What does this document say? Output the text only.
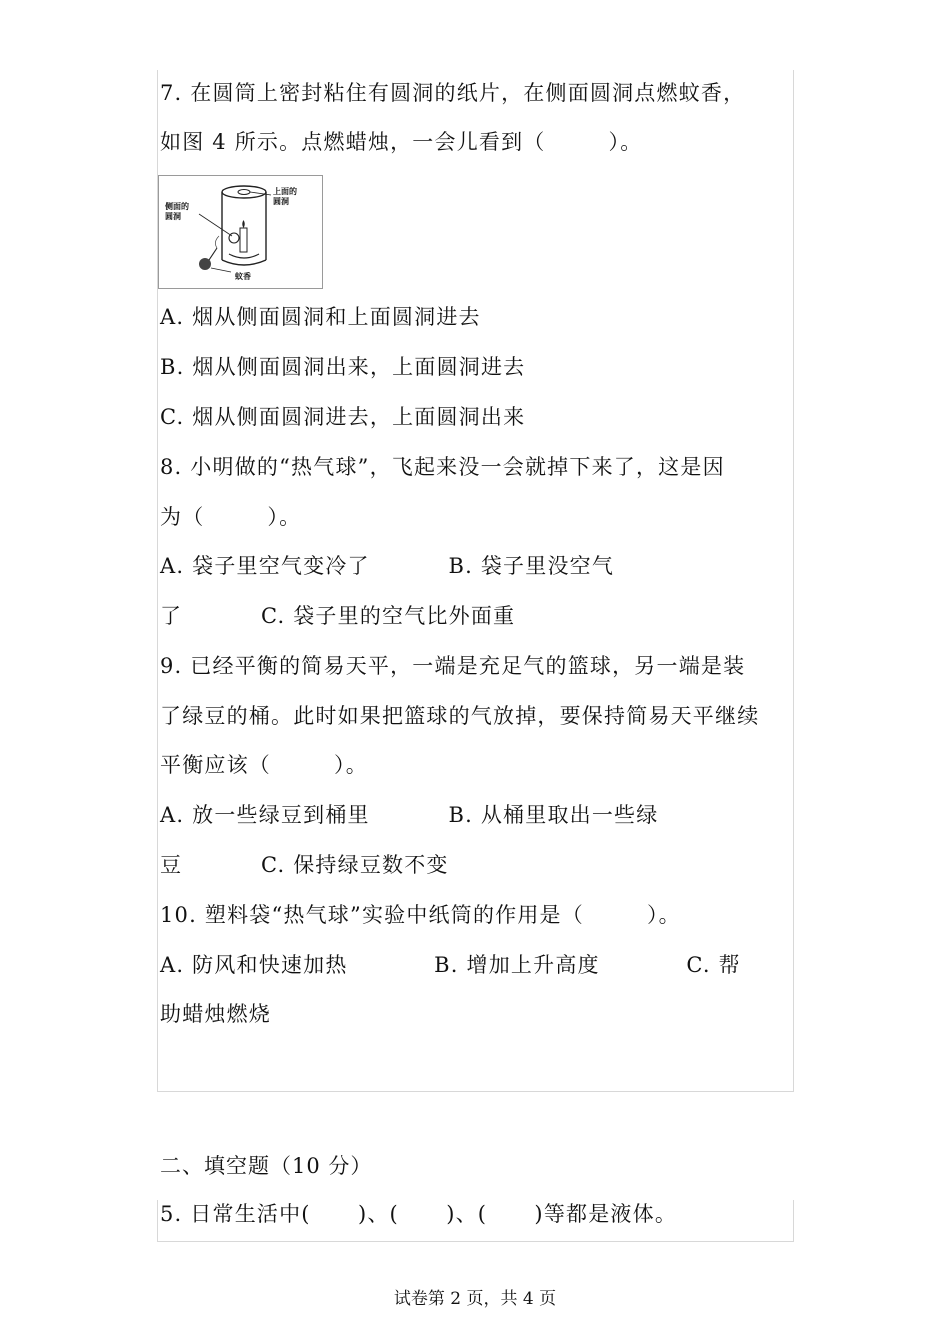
7. 在圆筒上密封粘住有圆洞的纸片，在侧面圆洞点燃蚊香，
如图 4 所示。点燃蜡烛，一会儿看到（        ）。
侧面的
圆洞
上面的
圆洞
蚊香
A. 烟从侧面圆洞和上面圆洞进去
B. 烟从侧面圆洞出来，上面圆洞进去
C. 烟从侧面圆洞进去，上面圆洞出来
8. 小明做的“热气球”，飞起来没一会就掉下来了，这是因
为（        ）。
A. 袋子里空气变冷了          B. 袋子里没空气
了          C. 袋子里的空气比外面重
9. 已经平衡的简易天平，一端是充足气的篮球，另一端是装
了绿豆的桶。此时如果把篮球的气放掉，要保持简易天平继续
平衡应该（        ）。
A. 放一些绿豆到桶里          B. 从桶里取出一些绿
豆          C. 保持绿豆数不变
10. 塑料袋“热气球”实验中纸筒的作用是（        ）。
A. 防风和快速加热           B. 增加上升高度           C. 帮
助蜡烛燃烧
二、填空题（10 分）
5. 日常生活中(      )、(      )、(      )等都是液体。
试卷第 2 页，共 4 页
